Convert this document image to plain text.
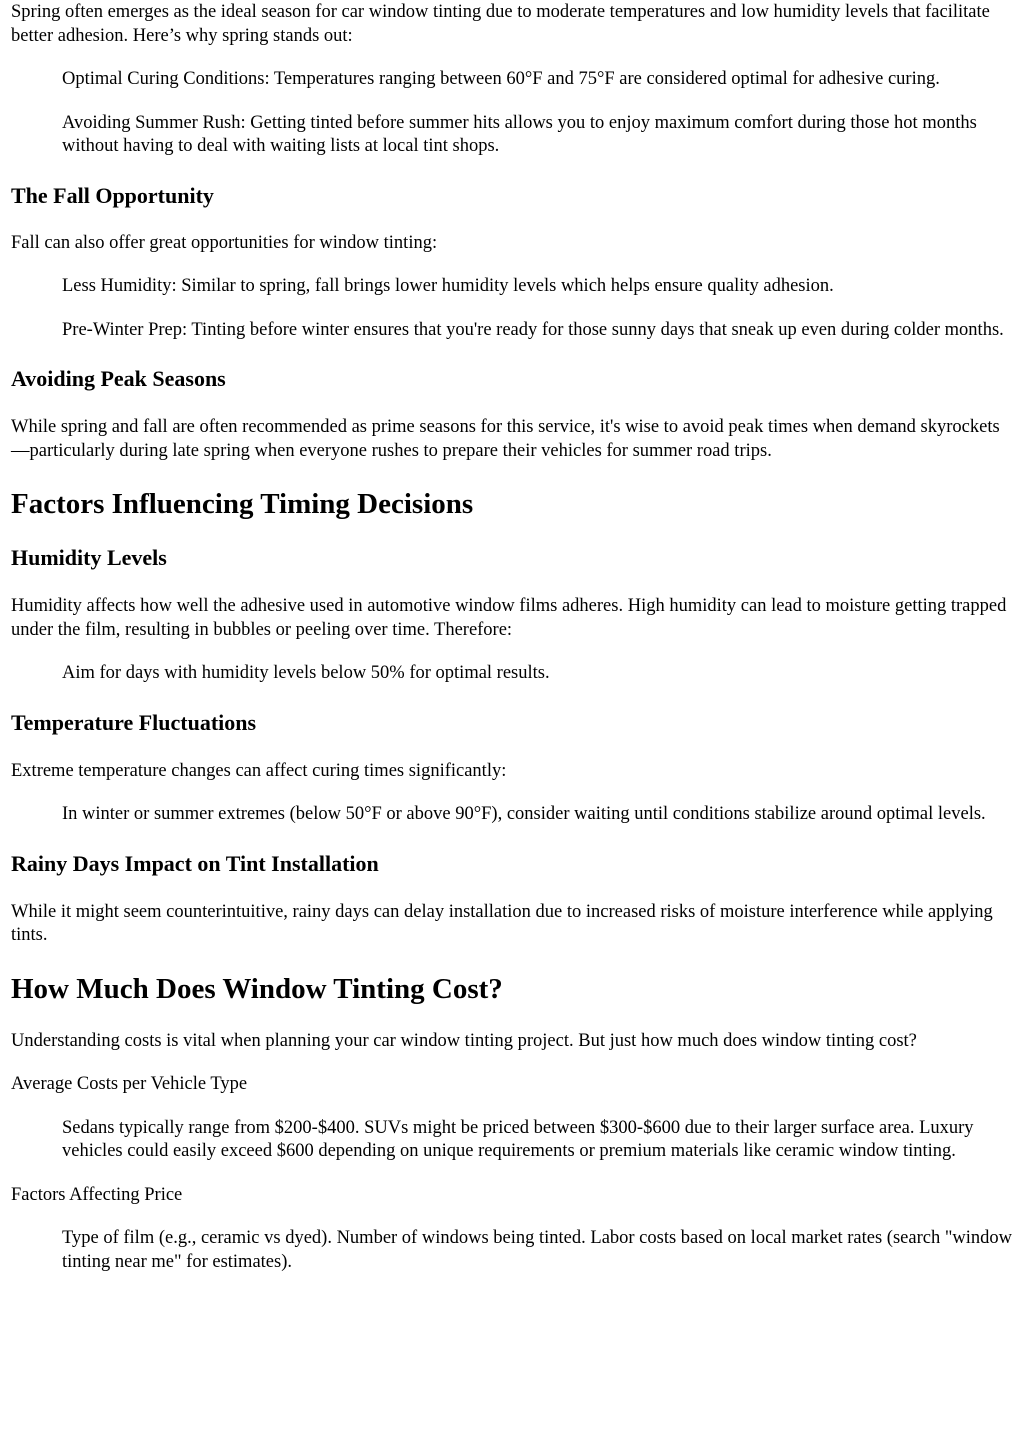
Spring often emerges as the ideal season for car window tinting due to moderate temperatures and low humidity levels that facilitate better adhesion. Here’s why spring stands out:

Optimal Curing Conditions: Temperatures ranging between 60°F and 75°F are considered optimal for adhesive curing.

Avoiding Summer Rush: Getting tinted before summer hits allows you to enjoy maximum comfort during those hot months without having to deal with waiting lists at local tint shops.

The Fall Opportunity

Fall can also offer great opportunities for window tinting:

Less Humidity: Similar to spring, fall brings lower humidity levels which helps ensure quality adhesion.

Pre-Winter Prep: Tinting before winter ensures that you're ready for those sunny days that sneak up even during colder months.

Avoiding Peak Seasons

While spring and fall are often recommended as prime seasons for this service, it's wise to avoid peak times when demand skyrockets—particularly during late spring when everyone rushes to prepare their vehicles for summer road trips.

Factors Influencing Timing Decisions
Humidity Levels

Humidity affects how well the adhesive used in automotive window films adheres. High humidity can lead to moisture getting trapped under the film, resulting in bubbles or peeling over time. Therefore:

Aim for days with humidity levels below 50% for optimal results.

Temperature Fluctuations

Extreme temperature changes can affect curing times significantly:

In winter or summer extremes (below 50°F or above 90°F), consider waiting until conditions stabilize around optimal levels.

Rainy Days Impact on Tint Installation

While it might seem counterintuitive, rainy days can delay installation due to increased risks of moisture interference while applying tints.

How Much Does Window Tinting Cost?

Understanding costs is vital when planning your car window tinting project. But just how much does window tinting cost?

Average Costs per Vehicle Type

Sedans typically range from $200-$400. SUVs might be priced between $300-$600 due to their larger surface area. Luxury vehicles could easily exceed $600 depending on unique requirements or premium materials like ceramic window tinting.

Factors Affecting Price

Type of film (e.g., ceramic vs dyed). Number of windows being tinted. Labor costs based on local market rates (search "window tinting near me" for estimates).
